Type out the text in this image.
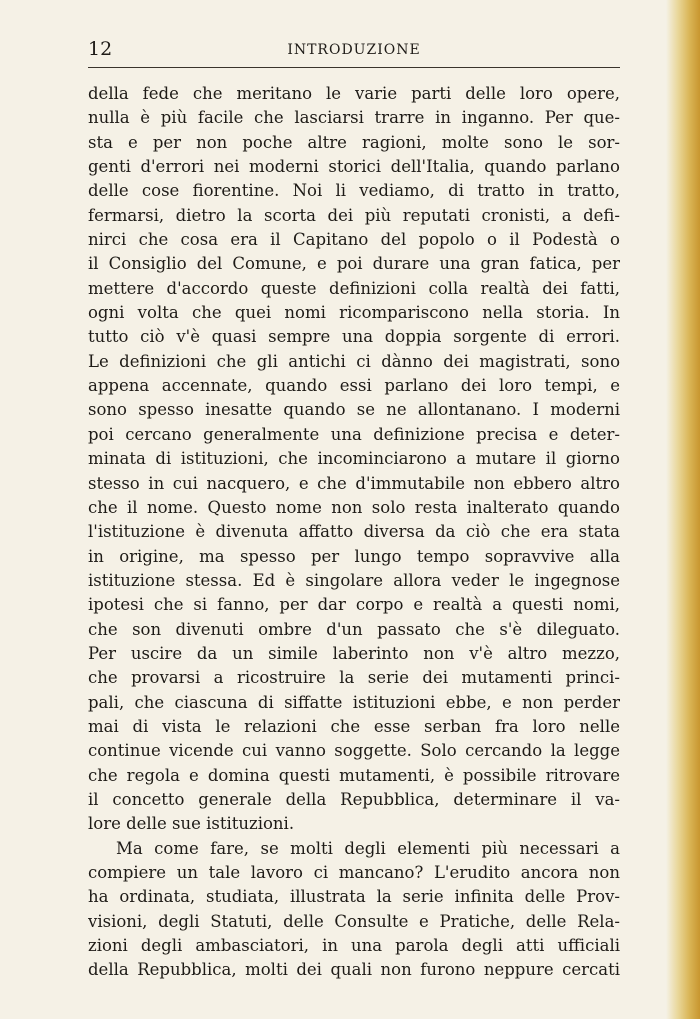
12	INTRODUZIONE
della fede che meritano le varie parti delle loro opere,
nulla è più facile che lasciarsi trarre in inganno. Per que-
sta e per non poche altre ragioni, molte sono le sor-
genti d'errori nei moderni storici dell'Italia, quando parlano
delle cose fiorentine. Noi li vediamo, di tratto in tratto,
fermarsi, dietro la scorta dei più reputati cronisti, a defi-
nirci che cosa era il Capitano del popolo o il Podestà o
il Consiglio del Comune, e poi durare una gran fatica, per
mettere d'accordo queste definizioni colla realtà dei fatti,
ogni volta che quei nomi ricompariscono nella storia. In
tutto ciò v'è quasi sempre una doppia sorgente di errori.
Le definizioni che gli antichi ci dànno dei magistrati, sono
appena accennate, quando essi parlano dei loro tempi, e
sono spesso inesatte quando se ne allontanano. I moderni
poi cercano generalmente una definizione precisa e deter-
minata di istituzioni, che incominciarono a mutare il giorno
stesso in cui nacquero, e che d'immutabile non ebbero altro
che il nome. Questo nome non solo resta inalterato quando
l'istituzione è divenuta affatto diversa da ciò che era stata
in origine, ma spesso per lungo tempo sopravvive alla
istituzione stessa. Ed è singolare allora veder le ingegnose
ipotesi che si fanno, per dar corpo e realtà a questi nomi,
che son divenuti ombre d'un passato che s'è dileguato.
Per uscire da un simile laberinto non v'è altro mezzo,
che provarsi a ricostruire la serie dei mutamenti princi-
pali, che ciascuna di siffatte istituzioni ebbe, e non perder
mai di vista le relazioni che esse serban fra loro nelle
continue vicende cui vanno soggette. Solo cercando la legge
che regola e domina questi mutamenti, è possibile ritrovare
il concetto generale della Repubblica, determinare il va-
lore delle sue istituzioni.
Ma come fare, se molti degli elementi più necessari a
compiere un tale lavoro ci mancano? L'erudito ancora non
ha ordinata, studiata, illustrata la serie infinita delle Prov-
visioni, degli Statuti, delle Consulte e Pratiche, delle Rela-
zioni degli ambasciatori, in una parola degli atti ufficiali
della Repubblica, molti dei quali non furono neppure cercati
